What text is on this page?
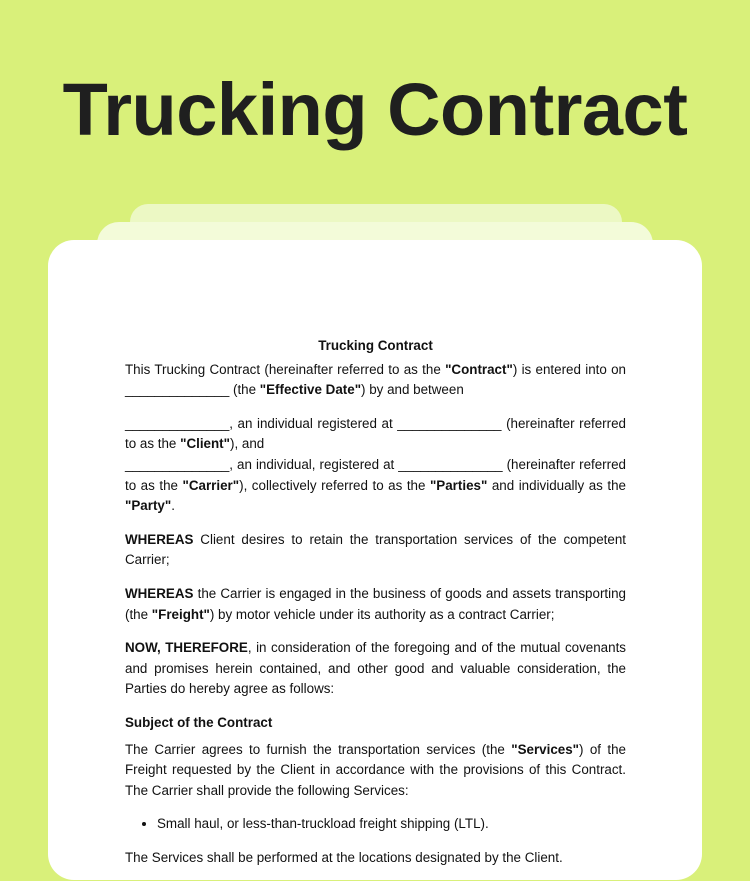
Trucking Contract

Trucking Contract

This Trucking Contract (hereinafter referred to as the "Contract") is entered into on ______________ (the "Effective Date") by and between

______________, an individual registered at ______________ (hereinafter referred to as the "Client"), and

______________, an individual, registered at ______________ (hereinafter referred to as the "Carrier"), collectively referred to as the "Parties" and individually as the "Party".

WHEREAS Client desires to retain the transportation services of the competent Carrier;

WHEREAS the Carrier is engaged in the business of goods and assets transporting (the "Freight") by motor vehicle under its authority as a contract Carrier;

NOW, THEREFORE, in consideration of the foregoing and of the mutual covenants and promises herein contained, and other good and valuable consideration, the Parties do hereby agree as follows:

Subject of the Contract

The Carrier agrees to furnish the transportation services (the "Services") of the Freight requested by the Client in accordance with the provisions of this Contract. The Carrier shall provide the following Services:

• Small haul, or less-than-truckload freight shipping (LTL).

The Services shall be performed at the locations designated by the Client.
